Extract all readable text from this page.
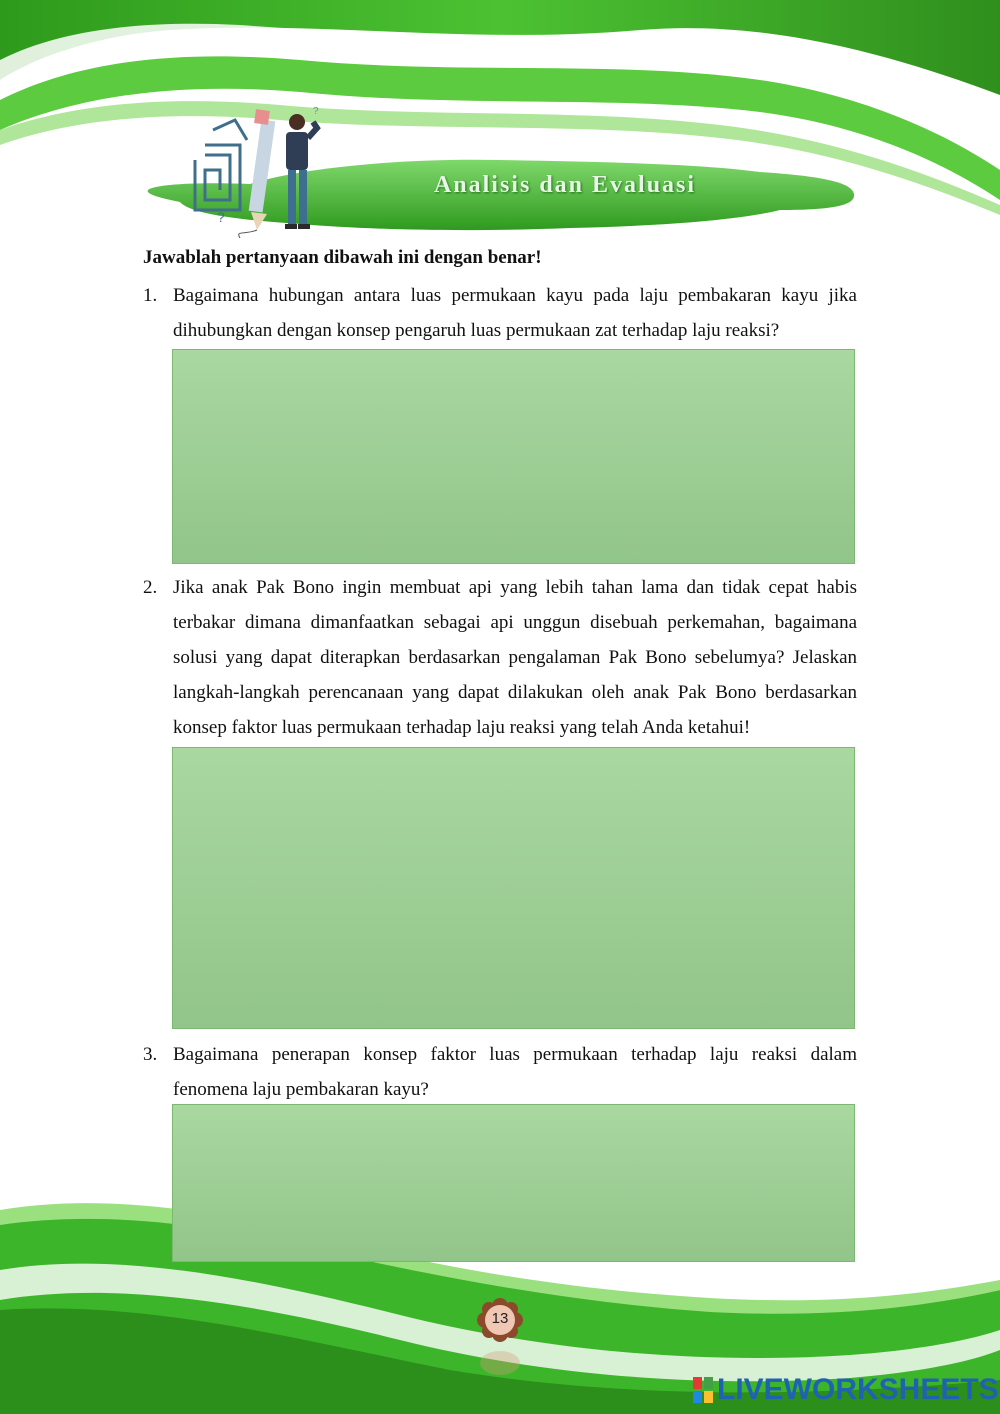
?
?
Analisis dan Evaluasi
Jawablah pertanyaan dibawah ini dengan benar!
1. Bagaimana hubungan antara luas permukaan kayu pada laju pembakaran kayu jika dihubungkan dengan konsep pengaruh luas permukaan zat terhadap laju reaksi?
2. Jika anak Pak Bono ingin membuat api yang lebih tahan lama dan tidak cepat habis terbakar dimana dimanfaatkan sebagai api unggun disebuah perkemahan, bagaimana solusi yang dapat diterapkan berdasarkan pengalaman Pak Bono sebelumya? Jelaskan langkah-langkah perencanaan yang dapat dilakukan oleh anak Pak Bono berdasarkan konsep faktor luas permukaan terhadap laju reaksi yang telah Anda ketahui!
3. Bagaimana penerapan konsep faktor luas permukaan terhadap laju reaksi dalam fenomena laju pembakaran kayu?
13
LIVEWORKSHEETS
